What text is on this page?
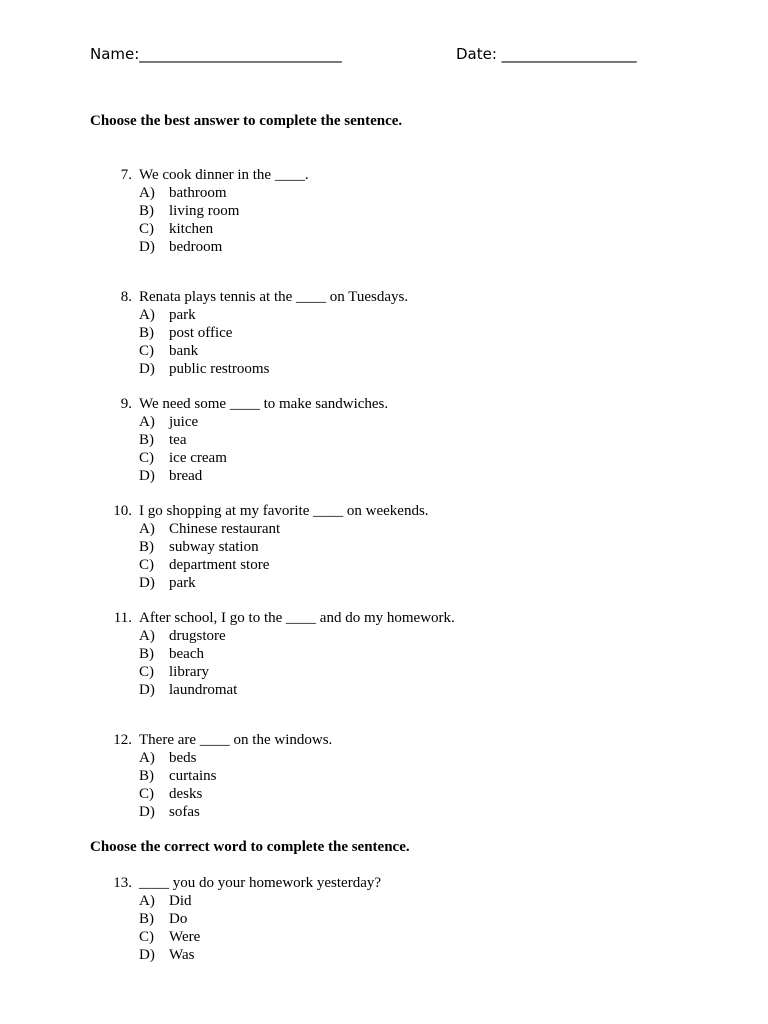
Name:___________________________	Date: __________________
Choose the best answer to complete the sentence.
7. We cook dinner in the ____.
A) bathroom
B) living room
C) kitchen
D) bedroom
8. Renata plays tennis at the ____ on Tuesdays.
A) park
B) post office
C) bank
D) public restrooms
9. We need some ____ to make sandwiches.
A) juice
B) tea
C) ice cream
D) bread
10. I go shopping at my favorite ____ on weekends.
A) Chinese restaurant
B) subway station
C) department store
D) park
11. After school, I go to the ____ and do my homework.
A) drugstore
B) beach
C) library
D) laundromat
12. There are ____ on the windows.
A) beds
B) curtains
C) desks
D) sofas
Choose the correct word to complete the sentence.
13. ____ you do your homework yesterday?
A) Did
B) Do
C) Were
D) Was
